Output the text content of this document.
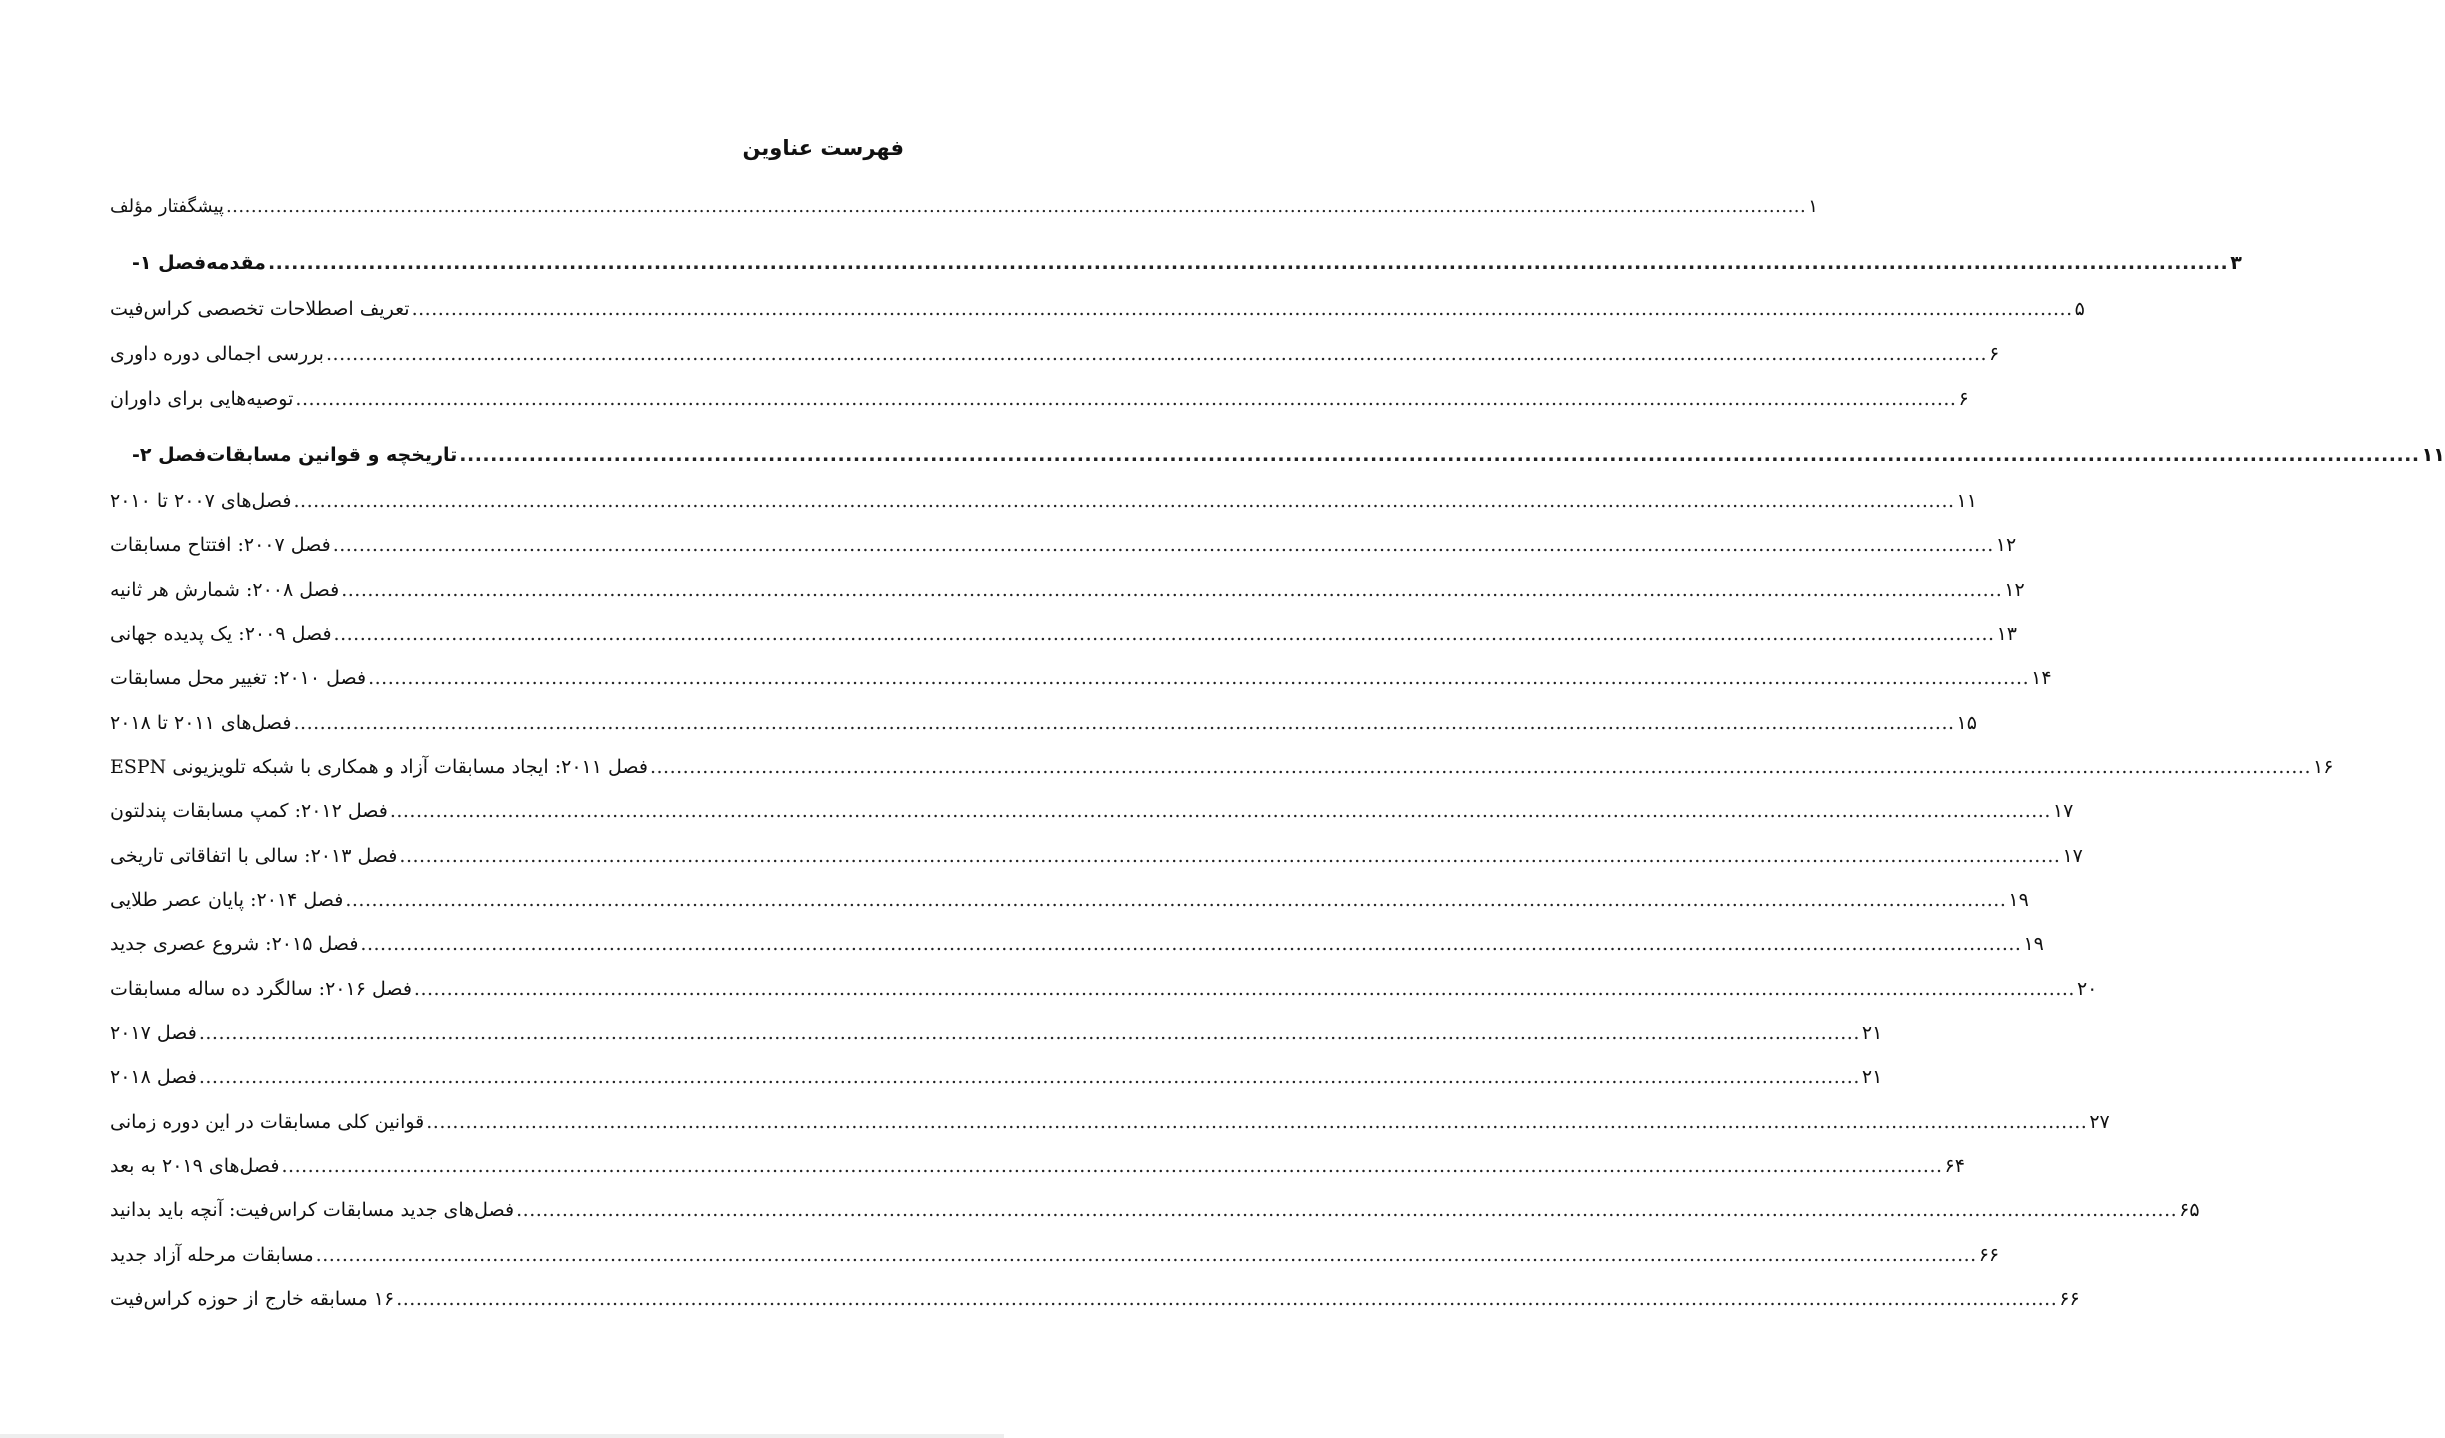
فهرست عناوین
پیشگفتار مؤلف .............................................................................................................................................................................................................................................................. ۱
فصل ۱- مقدمه .............................................................................................................................................................................................................................................................. ۳
تعریف اصطلاحات تخصصی کراس‌فیت .............................................................................................................................................................................................................................................................. ۵
بررسی اجمالی دوره داوری .............................................................................................................................................................................................................................................................. ۶
توصیه‌هایی برای داوران .............................................................................................................................................................................................................................................................. ۶
فصل ۲- تاریخچه و قوانین مسابقات .............................................................................................................................................................................................................................................................. ۱۱
فصل‌های ۲۰۰۷ تا ۲۰۱۰ .............................................................................................................................................................................................................................................................. ۱۱
فصل ۲۰۰۷: افتتاح مسابقات .............................................................................................................................................................................................................................................................. ۱۲
فصل ۲۰۰۸: شمارش هر ثانیه .............................................................................................................................................................................................................................................................. ۱۲
فصل ۲۰۰۹: یک پدیده جهانی .............................................................................................................................................................................................................................................................. ۱۳
فصل ۲۰۱۰: تغییر محل مسابقات .............................................................................................................................................................................................................................................................. ۱۴
فصل‌های ۲۰۱۱ تا ۲۰۱۸ .............................................................................................................................................................................................................................................................. ۱۵
فصل ۲۰۱۱: ایجاد مسابقات آزاد و همکاری با شبکه تلویزیونی ESPN .............................................................................................................................................................................................................................................................. ۱۶
فصل ۲۰۱۲: کمپ مسابقات پندلتون .............................................................................................................................................................................................................................................................. ۱۷
فصل ۲۰۱۳: سالی با اتفاقاتی تاریخی .............................................................................................................................................................................................................................................................. ۱۷
فصل ۲۰۱۴: پایان عصر طلایی .............................................................................................................................................................................................................................................................. ۱۹
فصل ۲۰۱۵: شروع عصری جدید .............................................................................................................................................................................................................................................................. ۱۹
فصل ۲۰۱۶: سالگرد ده ساله مسابقات .............................................................................................................................................................................................................................................................. ۲۰
فصل ۲۰۱۷ .............................................................................................................................................................................................................................................................. ۲۱
فصل ۲۰۱۸ .............................................................................................................................................................................................................................................................. ۲۱
قوانین کلی مسابقات در این دوره زمانی .............................................................................................................................................................................................................................................................. ۲۷
فصل‌های ۲۰۱۹ به بعد .............................................................................................................................................................................................................................................................. ۶۴
فصل‌های جدید مسابقات کراس‌فیت: آنچه باید بدانید .............................................................................................................................................................................................................................................................. ۶۵
مسابقات مرحله آزاد جدید .............................................................................................................................................................................................................................................................. ۶۶
۱۶ مسابقه خارج از حوزه کراس‌فیت .............................................................................................................................................................................................................................................................. ۶۶
